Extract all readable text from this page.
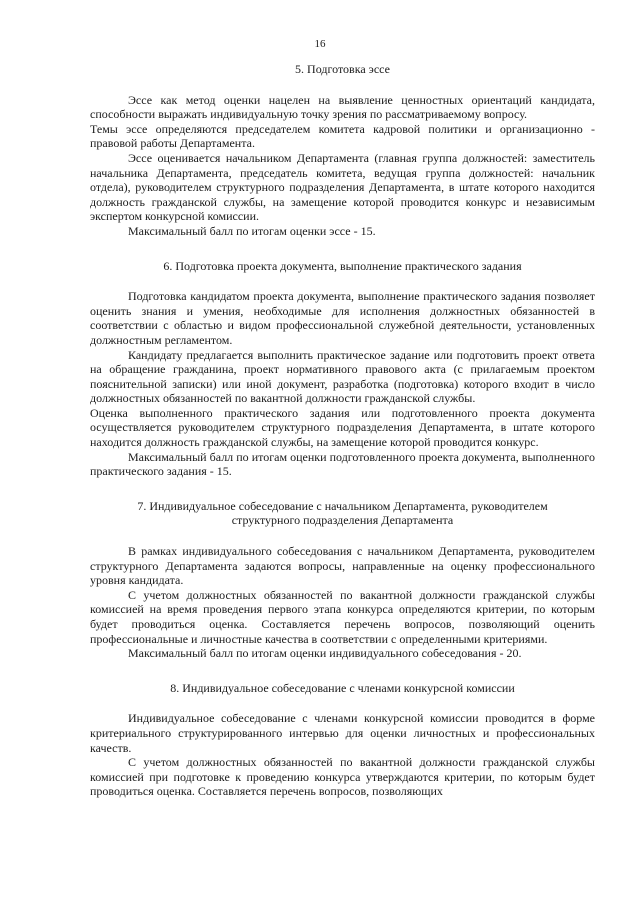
16
5. Подготовка эссе

Эссе как метод оценки нацелен на выявление ценностных ориентаций кандидата, способности выражать индивидуальную точку зрения по рассматриваемому вопросу.

Темы эссе определяются председателем комитета кадровой политики и организационно - правовой работы Департамента.

Эссе оценивается начальником Департамента (главная группа должностей: заместитель начальника Департамента, председатель комитета, ведущая группа должностей: начальник отдела), руководителем структурного подразделения Департамента, в штате которого находится должность гражданской службы, на замещение которой проводится конкурс и независимым экспертом конкурсной комиссии.

Максимальный балл по итогам оценки эссе - 15.

6. Подготовка проекта документа, выполнение практического задания

Подготовка кандидатом проекта документа, выполнение практического задания позволяет оценить знания и умения, необходимые для исполнения должностных обязанностей в соответствии с областью и видом профессиональной служебной деятельности, установленных должностным регламентом.

Кандидату предлагается выполнить практическое задание или подготовить проект ответа на обращение гражданина, проект нормативного правового акта (с прилагаемым проектом пояснительной записки) или иной документ, разработка (подготовка) которого входит в число должностных обязанностей по вакантной должности гражданской службы.

Оценка выполненного практического задания или подготовленного проекта документа осуществляется руководителем структурного подразделения Департамента, в штате которого находится должность гражданской службы, на замещение которой проводится конкурс.

Максимальный балл по итогам оценки подготовленного проекта документа, выполненного практического задания - 15.

7. Индивидуальное собеседование с начальником Департамента, руководителем структурного подразделения Департамента

В рамках индивидуального собеседования с начальником Департамента, руководителем структурного Департамента задаются вопросы, направленные на оценку профессионального уровня кандидата.

С учетом должностных обязанностей по вакантной должности гражданской службы комиссией на время проведения первого этапа конкурса определяются критерии, по которым будет проводиться оценка. Составляется перечень вопросов, позволяющий оценить профессиональные и личностные качества в соответствии с определенными критериями.

Максимальный балл по итогам оценки индивидуального собеседования - 20.

8. Индивидуальное собеседование с членами конкурсной комиссии

Индивидуальное собеседование с членами конкурсной комиссии проводится в форме критериального структурированного интервью для оценки личностных и профессиональных качеств.

С учетом должностных обязанностей по вакантной должности гражданской службы комиссией при подготовке к проведению конкурса утверждаются критерии, по которым будет проводиться оценка. Составляется перечень вопросов, позволяющих
